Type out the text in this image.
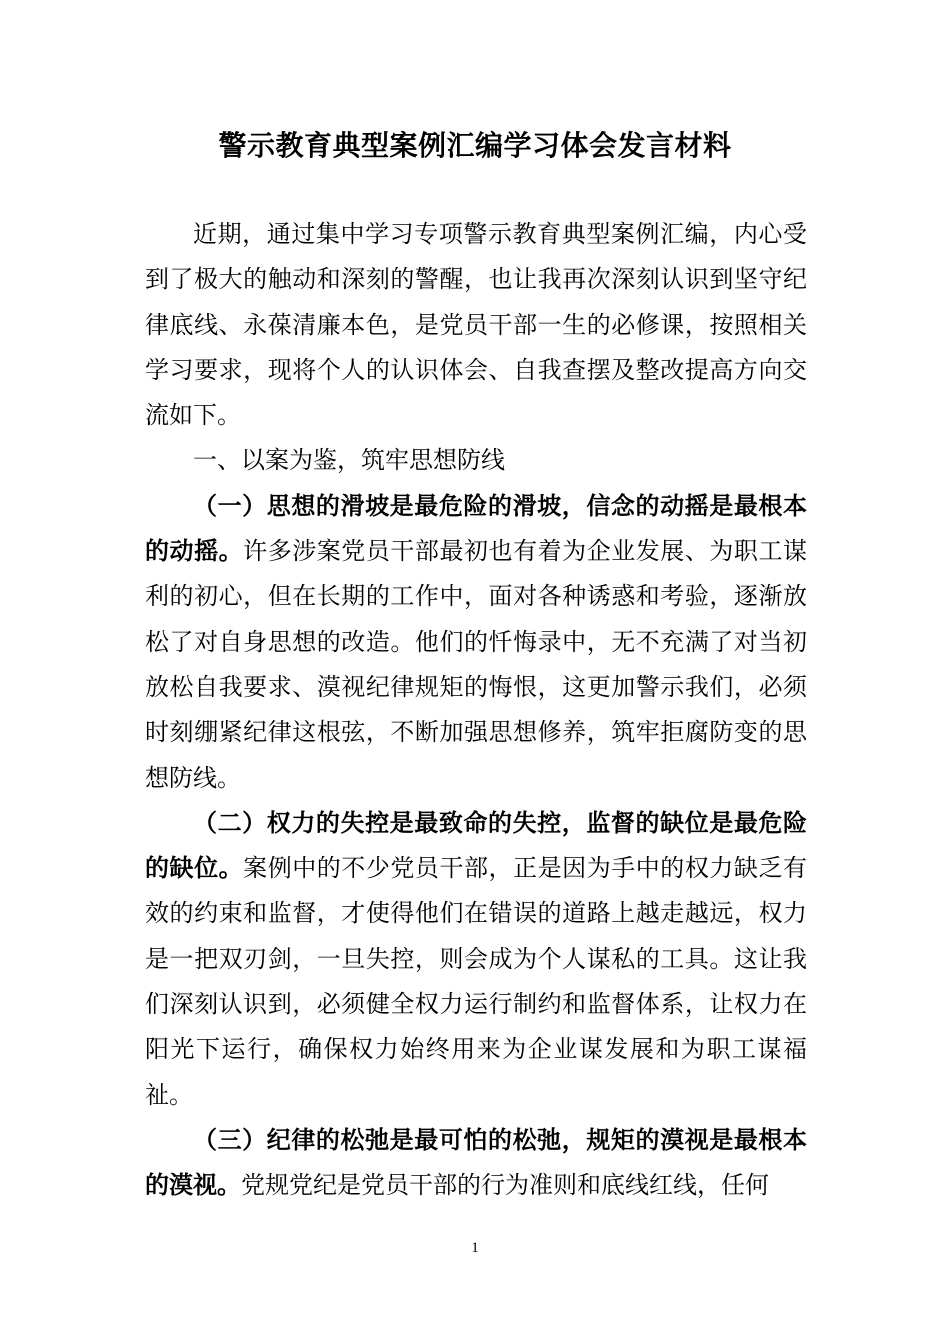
警示教育典型案例汇编学习体会发言材料

近期，通过集中学习专项警示教育典型案例汇编，内心受到了极大的触动和深刻的警醒，也让我再次深刻认识到坚守纪律底线、永葆清廉本色，是党员干部一生的必修课，按照相关学习要求，现将个人的认识体会、自我查摆及整改提高方向交流如下。

一、以案为鉴，筑牢思想防线

（一）思想的滑坡是最危险的滑坡，信念的动摇是最根本的动摇。许多涉案党员干部最初也有着为企业发展、为职工谋利的初心，但在长期的工作中，面对各种诱惑和考验，逐渐放松了对自身思想的改造。他们的忏悔录中，无不充满了对当初放松自我要求、漠视纪律规矩的悔恨，这更加警示我们，必须时刻绷紧纪律这根弦，不断加强思想修养，筑牢拒腐防变的思想防线。

（二）权力的失控是最致命的失控，监督的缺位是最危险的缺位。案例中的不少党员干部，正是因为手中的权力缺乏有效的约束和监督，才使得他们在错误的道路上越走越远，权力是一把双刃剑，一旦失控，则会成为个人谋私的工具。这让我们深刻认识到，必须健全权力运行制约和监督体系，让权力在阳光下运行，确保权力始终用来为企业谋发展和为职工谋福祉。

（三）纪律的松弛是最可怕的松弛，规矩的漠视是最根本的漠视。党规党纪是党员干部的行为准则和底线红线，任何

1
